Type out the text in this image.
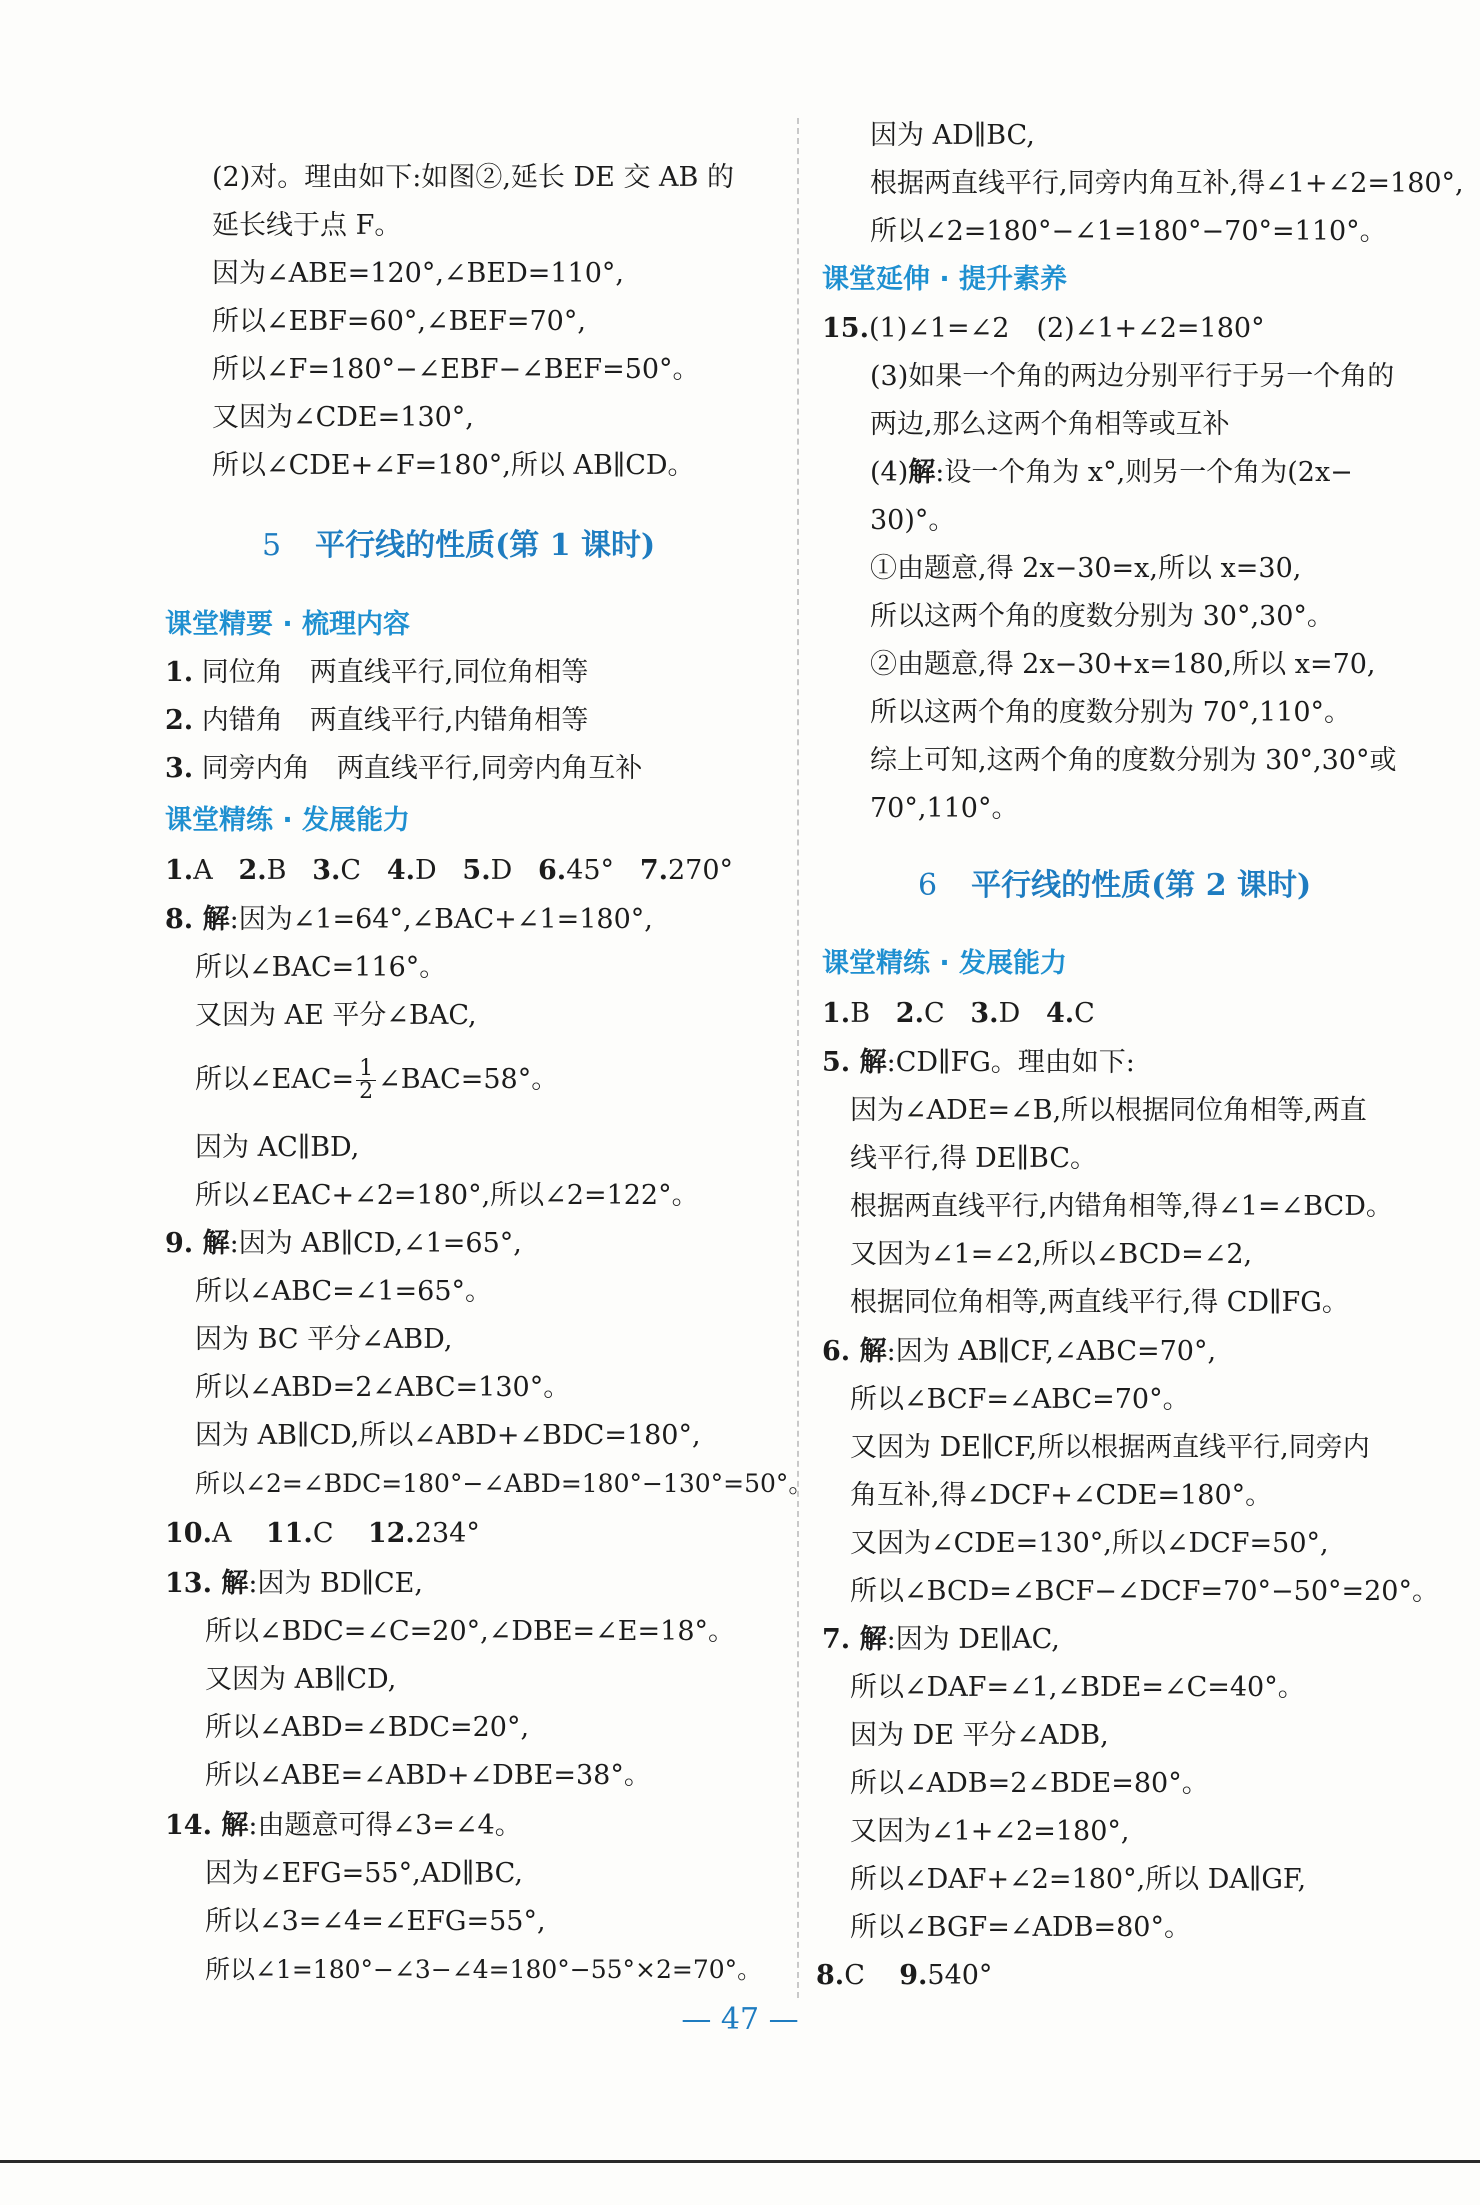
(2)对。理由如下:如图②,延长 DE 交 AB 的
延长线于点 F。
因为∠ABE=120°,∠BED=110°,
所以∠EBF=60°,∠BEF=70°,
所以∠F=180°−∠EBF−∠BEF=50°。
又因为∠CDE=130°,
所以∠CDE+∠F=180°,所以 AB∥CD。
5 平行线的性质(第 1 课时)
课堂精要 · 梳理内容
1. 同位角　两直线平行,同位角相等
2. 内错角　两直线平行,内错角相等
3. 同旁内角　两直线平行,同旁内角互补
课堂精练 · 发展能力
1.A 2.B 3.C 4.D 5.D 6.45° 7.270°
8. 解:因为∠1=64°,∠BAC+∠1=180°,
所以∠BAC=116°。
又因为 AE 平分∠BAC,
所以∠EAC= $\frac{1}{2}$ ∠BAC=58°。
因为 AC∥BD,
所以∠EAC+∠2=180°,所以∠2=122°。
9. 解:因为 AB∥CD,∠1=65°,
所以∠ABC=∠1=65°。
因为 BC 平分∠ABD,
所以∠ABD=2∠ABC=130°。
因为 AB∥CD,所以∠ABD+∠BDC=180°,
所以∠2=∠BDC=180°−∠ABD=180°−130°=50°。
10.A 11.C 12.234°
13. 解:因为 BD∥CE,
所以∠BDC=∠C=20°,∠DBE=∠E=18°。
又因为 AB∥CD,
所以∠ABD=∠BDC=20°,
所以∠ABE=∠ABD+∠DBE=38°。
14. 解:由题意可得∠3=∠4。
因为∠EFG=55°,AD∥BC,
所以∠3=∠4=∠EFG=55°,
所以∠1=180°−∠3−∠4=180°−55°×2=70°。
因为 AD∥BC,
根据两直线平行,同旁内角互补,得∠1+∠2=180°,
所以∠2=180°−∠1=180°−70°=110°。
课堂延伸 · 提升素养
15.(1)∠1=∠2　(2)∠1+∠2=180°
(3)如果一个角的两边分别平行于另一个角的
两边,那么这两个角相等或互补
(4)解:设一个角为 x°,则另一个角为(2x−
30)°。
①由题意,得 2x−30=x,所以 x=30,
所以这两个角的度数分别为 30°,30°。
②由题意,得 2x−30+x=180,所以 x=70,
所以这两个角的度数分别为 70°,110°。
综上可知,这两个角的度数分别为 30°,30°或
70°,110°。
6 平行线的性质(第 2 课时)
课堂精练 · 发展能力
1.B 2.C 3.D 4.C
5. 解:CD∥FG。理由如下:
因为∠ADE=∠B,所以根据同位角相等,两直
线平行,得 DE∥BC。
根据两直线平行,内错角相等,得∠1=∠BCD。
又因为∠1=∠2,所以∠BCD=∠2,
根据同位角相等,两直线平行,得 CD∥FG。
6. 解:因为 AB∥CF,∠ABC=70°,
所以∠BCF=∠ABC=70°。
又因为 DE∥CF,所以根据两直线平行,同旁内
角互补,得∠DCF+∠CDE=180°。
又因为∠CDE=130°,所以∠DCF=50°,
所以∠BCD=∠BCF−∠DCF=70°−50°=20°。
7. 解:因为 DE∥AC,
所以∠DAF=∠1,∠BDE=∠C=40°。
因为 DE 平分∠ADB,
所以∠ADB=2∠BDE=80°。
又因为∠1+∠2=180°,
所以∠DAF+∠2=180°,所以 DA∥GF,
所以∠BGF=∠ADB=80°。
8.C 9.540°
— 47 —
